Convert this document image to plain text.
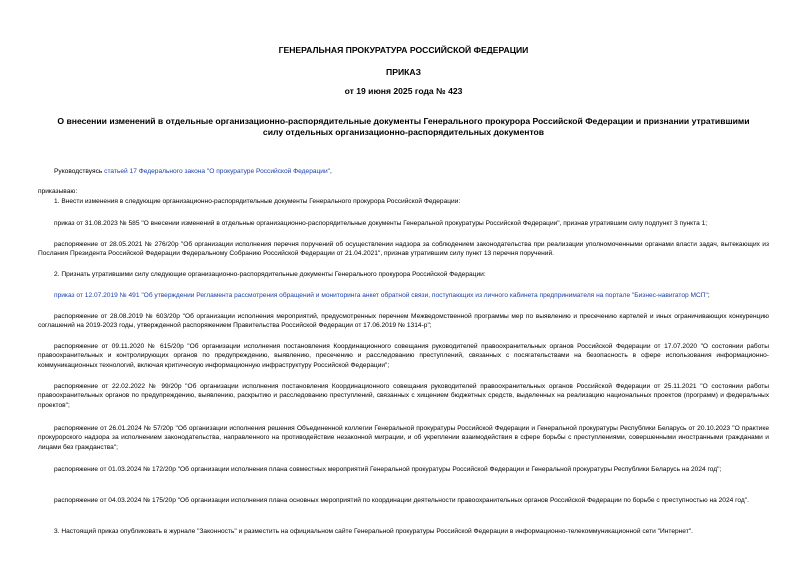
ГЕНЕРАЛЬНАЯ ПРОКУРАТУРА РОССИЙСКОЙ ФЕДЕРАЦИИ
ПРИКАЗ
от 19 июня 2025 года № 423
О внесении изменений в отдельные организационно-распорядительные документы Генерального прокурора Российской Федерации и признании утратившими силу отдельных организационно-распорядительных документов
Руководствуясь статьей 17 Федерального закона "О прокуратуре Российской Федерации",
приказываю:
1. Внести изменения в следующие организационно-распорядительные документы Генерального прокурора Российской Федерации:
приказ от 31.08.2023 № 585 "О внесении изменений в отдельные организационно-распорядительные документы Генеральной прокуратуры Российской Федерации", признав утратившим силу подпункт 3 пункта 1;
распоряжение от 28.05.2021 № 276/20р "Об организации исполнения перечня поручений об осуществлении надзора за соблюдением законодательства при реализации уполномоченными органами власти задач, вытекающих из Послания Президента Российской Федерации Федеральному Собранию Российской Федерации от 21.04.2021", признав утратившим силу пункт 13 перечня поручений.
2. Признать утратившими силу следующие организационно-распорядительные документы Генерального прокурора Российской Федерации:
приказ от 12.07.2019 № 491 "Об утверждении Регламента рассмотрения обращений и мониторинга анкет обратной связи, поступающих из личного кабинета предпринимателя на портале "Бизнес-навигатор МСП";
распоряжение от 28.08.2019 № 603/20р "Об организации исполнения мероприятий, предусмотренных перечнем Межведомственной программы мер по выявлению и пресечению картелей и иных ограничивающих конкуренцию соглашений на 2019-2023 годы, утвержденной распоряжением Правительства Российской Федерации от 17.06.2019 № 1314-р";
распоряжение от 09.11.2020 № 615/20р "Об организации исполнения постановления Координационного совещания руководителей правоохранительных органов Российской Федерации от 17.07.2020 "О состоянии работы правоохранительных и контролирующих органов по предупреждению, выявлению, пресечению и расследованию преступлений, связанных с посягательствами на безопасность в сфере использования информационно-коммуникационных технологий, включая критическую информационную инфраструктуру Российской Федерации";
распоряжение от 22.02.2022 № 99/20р "Об организации исполнения постановления Координационного совещания руководителей правоохранительных органов Российской Федерации от 25.11.2021 "О состоянии работы правоохранительных органов по предупреждению, выявлению, раскрытию и расследованию преступлений, связанных с хищением бюджетных средств, выделенных на реализацию национальных проектов (программ) и федеральных проектов";
распоряжение от 26.01.2024 № 57/20р "Об организации исполнения решения Объединенной коллегии Генеральной прокуратуры Российской Федерации и Генеральной прокуратуры Республики Беларусь от 20.10.2023 "О практике прокурорского надзора за исполнением законодательства, направленного на противодействие незаконной миграции, и об укреплении взаимодействия в сфере борьбы с преступлениями, совершенными иностранными гражданами и лицами без гражданства";
распоряжение от 01.03.2024 № 172/20р "Об организации исполнения плана совместных мероприятий Генеральной прокуратуры Российской Федерации и Генеральной прокуратуры Республики Беларусь на 2024 год";
распоряжение от 04.03.2024 № 175/20р "Об организации исполнения плана основных мероприятий по координации деятельности правоохранительных органов Российской Федерации по борьбе с преступностью на 2024 год".
3. Настоящий приказ опубликовать в журнале "Законность" и разместить на официальном сайте Генеральной прокуратуры Российской Федерации в информационно-телекоммуникационной сети "Интернет".
